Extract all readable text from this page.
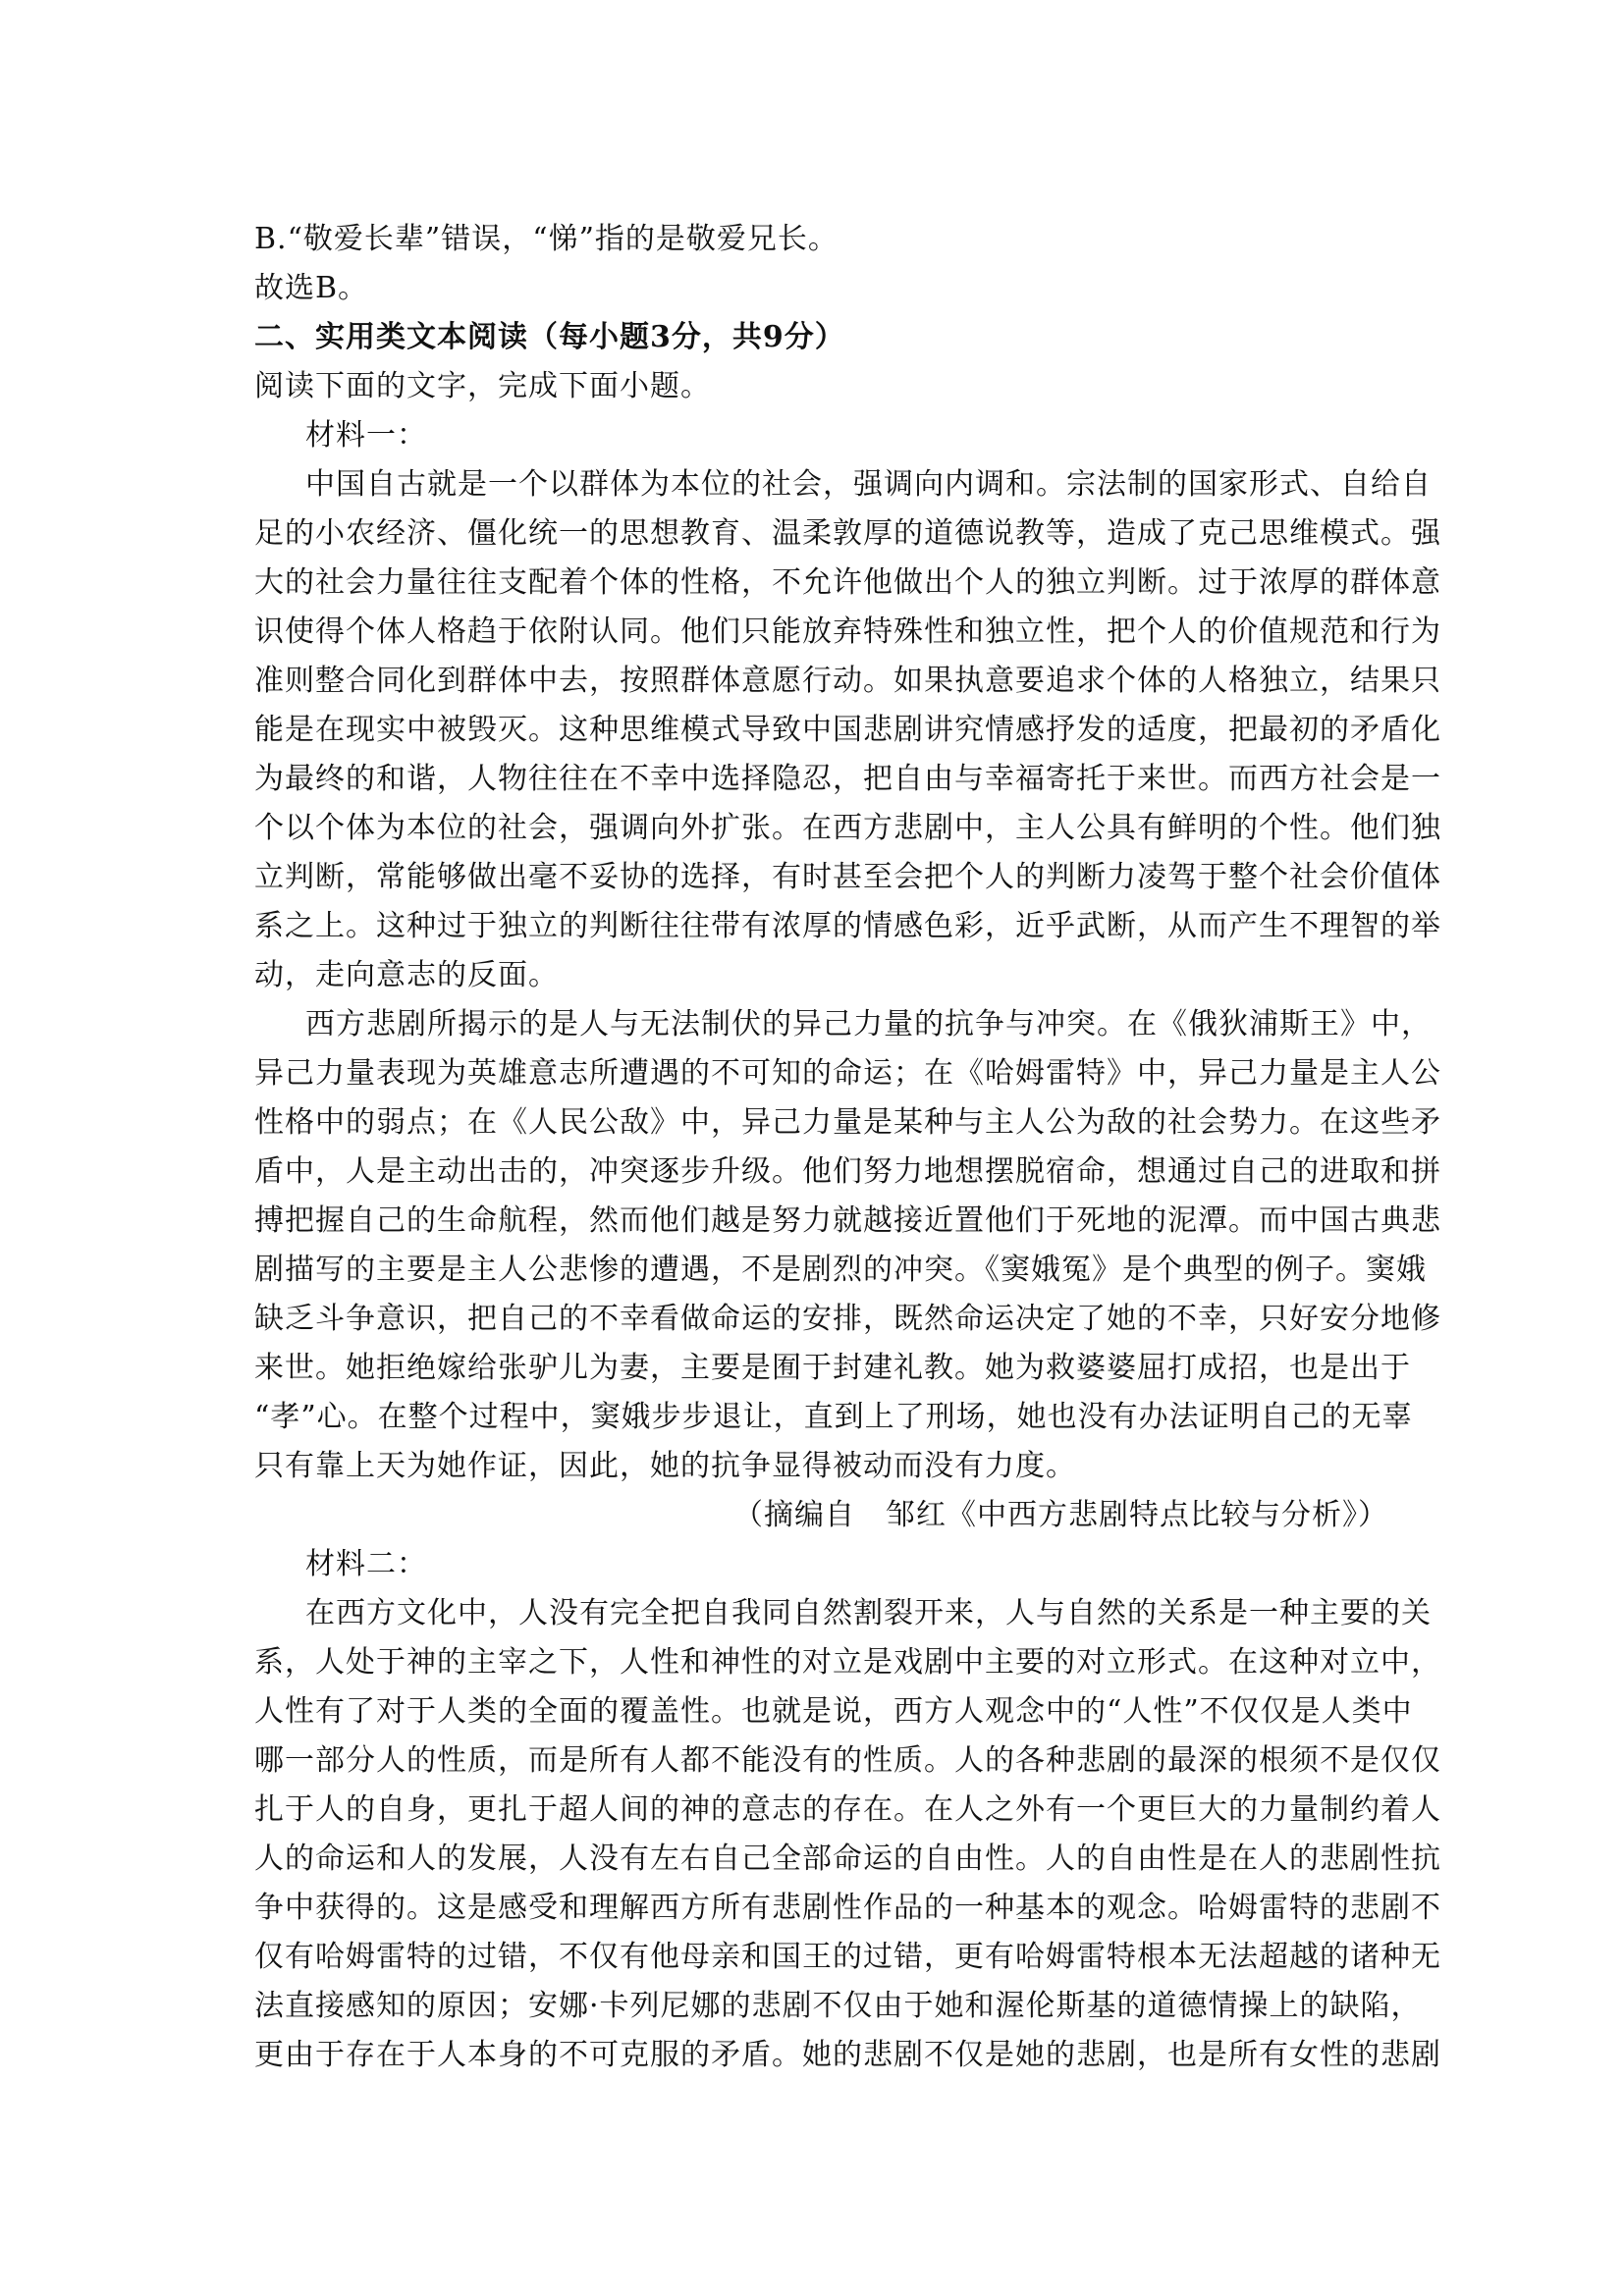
B.“敬爱长辈”错误，“悌”指的是敬爱兄长。
故选B。
二、实用类文本阅读（每小题3分，共9分）
阅读下面的文字，完成下面小题。
材料一：
中国自古就是一个以群体为本位的社会，强调向内调和。宗法制的国家形式、自给自
足的小农经济、僵化统一的思想教育、温柔敦厚的道德说教等，造成了克己思维模式。强
大的社会力量往往支配着个体的性格，不允许他做出个人的独立判断。过于浓厚的群体意
识使得个体人格趋于依附认同。他们只能放弃特殊性和独立性，把个人的价值规范和行为
准则整合同化到群体中去，按照群体意愿行动。如果执意要追求个体的人格独立，结果只
能是在现实中被毁灭。这种思维模式导致中国悲剧讲究情感抒发的适度，把最初的矛盾化
为最终的和谐，人物往往在不幸中选择隐忍，把自由与幸福寄托于来世。而西方社会是一
个以个体为本位的社会，强调向外扩张。在西方悲剧中，主人公具有鲜明的个性。他们独
立判断，常能够做出毫不妥协的选择，有时甚至会把个人的判断力凌驾于整个社会价值体
系之上。这种过于独立的判断往往带有浓厚的情感色彩，近乎武断，从而产生不理智的举
动，走向意志的反面。
西方悲剧所揭示的是人与无法制伏的异己力量的抗争与冲突。在《俄狄浦斯王》中，
异己力量表现为英雄意志所遭遇的不可知的命运；在《哈姆雷特》中，异己力量是主人公
性格中的弱点；在《人民公敌》中，异己力量是某种与主人公为敌的社会势力。在这些矛
盾中，人是主动出击的，冲突逐步升级。他们努力地想摆脱宿命，想通过自己的进取和拼
搏把握自己的生命航程，然而他们越是努力就越接近置他们于死地的泥潭。而中国古典悲
剧描写的主要是主人公悲惨的遭遇，不是剧烈的冲突。《窦娥冤》是个典型的例子。窦娥
缺乏斗争意识，把自己的不幸看做命运的安排，既然命运决定了她的不幸，只好安分地修
来世。她拒绝嫁给张驴儿为妻，主要是囿于封建礼教。她为救婆婆屈打成招，也是出于
“孝”心。在整个过程中，窦娥步步退让，直到上了刑场，她也没有办法证明自己的无辜
只有靠上天为她作证，因此，她的抗争显得被动而没有力度。
（摘编自　邹红《中西方悲剧特点比较与分析》）
材料二：
在西方文化中，人没有完全把自我同自然割裂开来，人与自然的关系是一种主要的关
系，人处于神的主宰之下，人性和神性的对立是戏剧中主要的对立形式。在这种对立中，
人性有了对于人类的全面的覆盖性。也就是说，西方人观念中的“人性”不仅仅是人类中
哪一部分人的性质，而是所有人都不能没有的性质。人的各种悲剧的最深的根须不是仅仅
扎于人的自身，更扎于超人间的神的意志的存在。在人之外有一个更巨大的力量制约着人
人的命运和人的发展，人没有左右自己全部命运的自由性。人的自由性是在人的悲剧性抗
争中获得的。这是感受和理解西方所有悲剧性作品的一种基本的观念。哈姆雷特的悲剧不
仅有哈姆雷特的过错，不仅有他母亲和国王的过错，更有哈姆雷特根本无法超越的诸种无
法直接感知的原因；安娜·卡列尼娜的悲剧不仅由于她和渥伦斯基的道德情操上的缺陷，
更由于存在于人本身的不可克服的矛盾。她的悲剧不仅是她的悲剧，也是所有女性的悲剧
